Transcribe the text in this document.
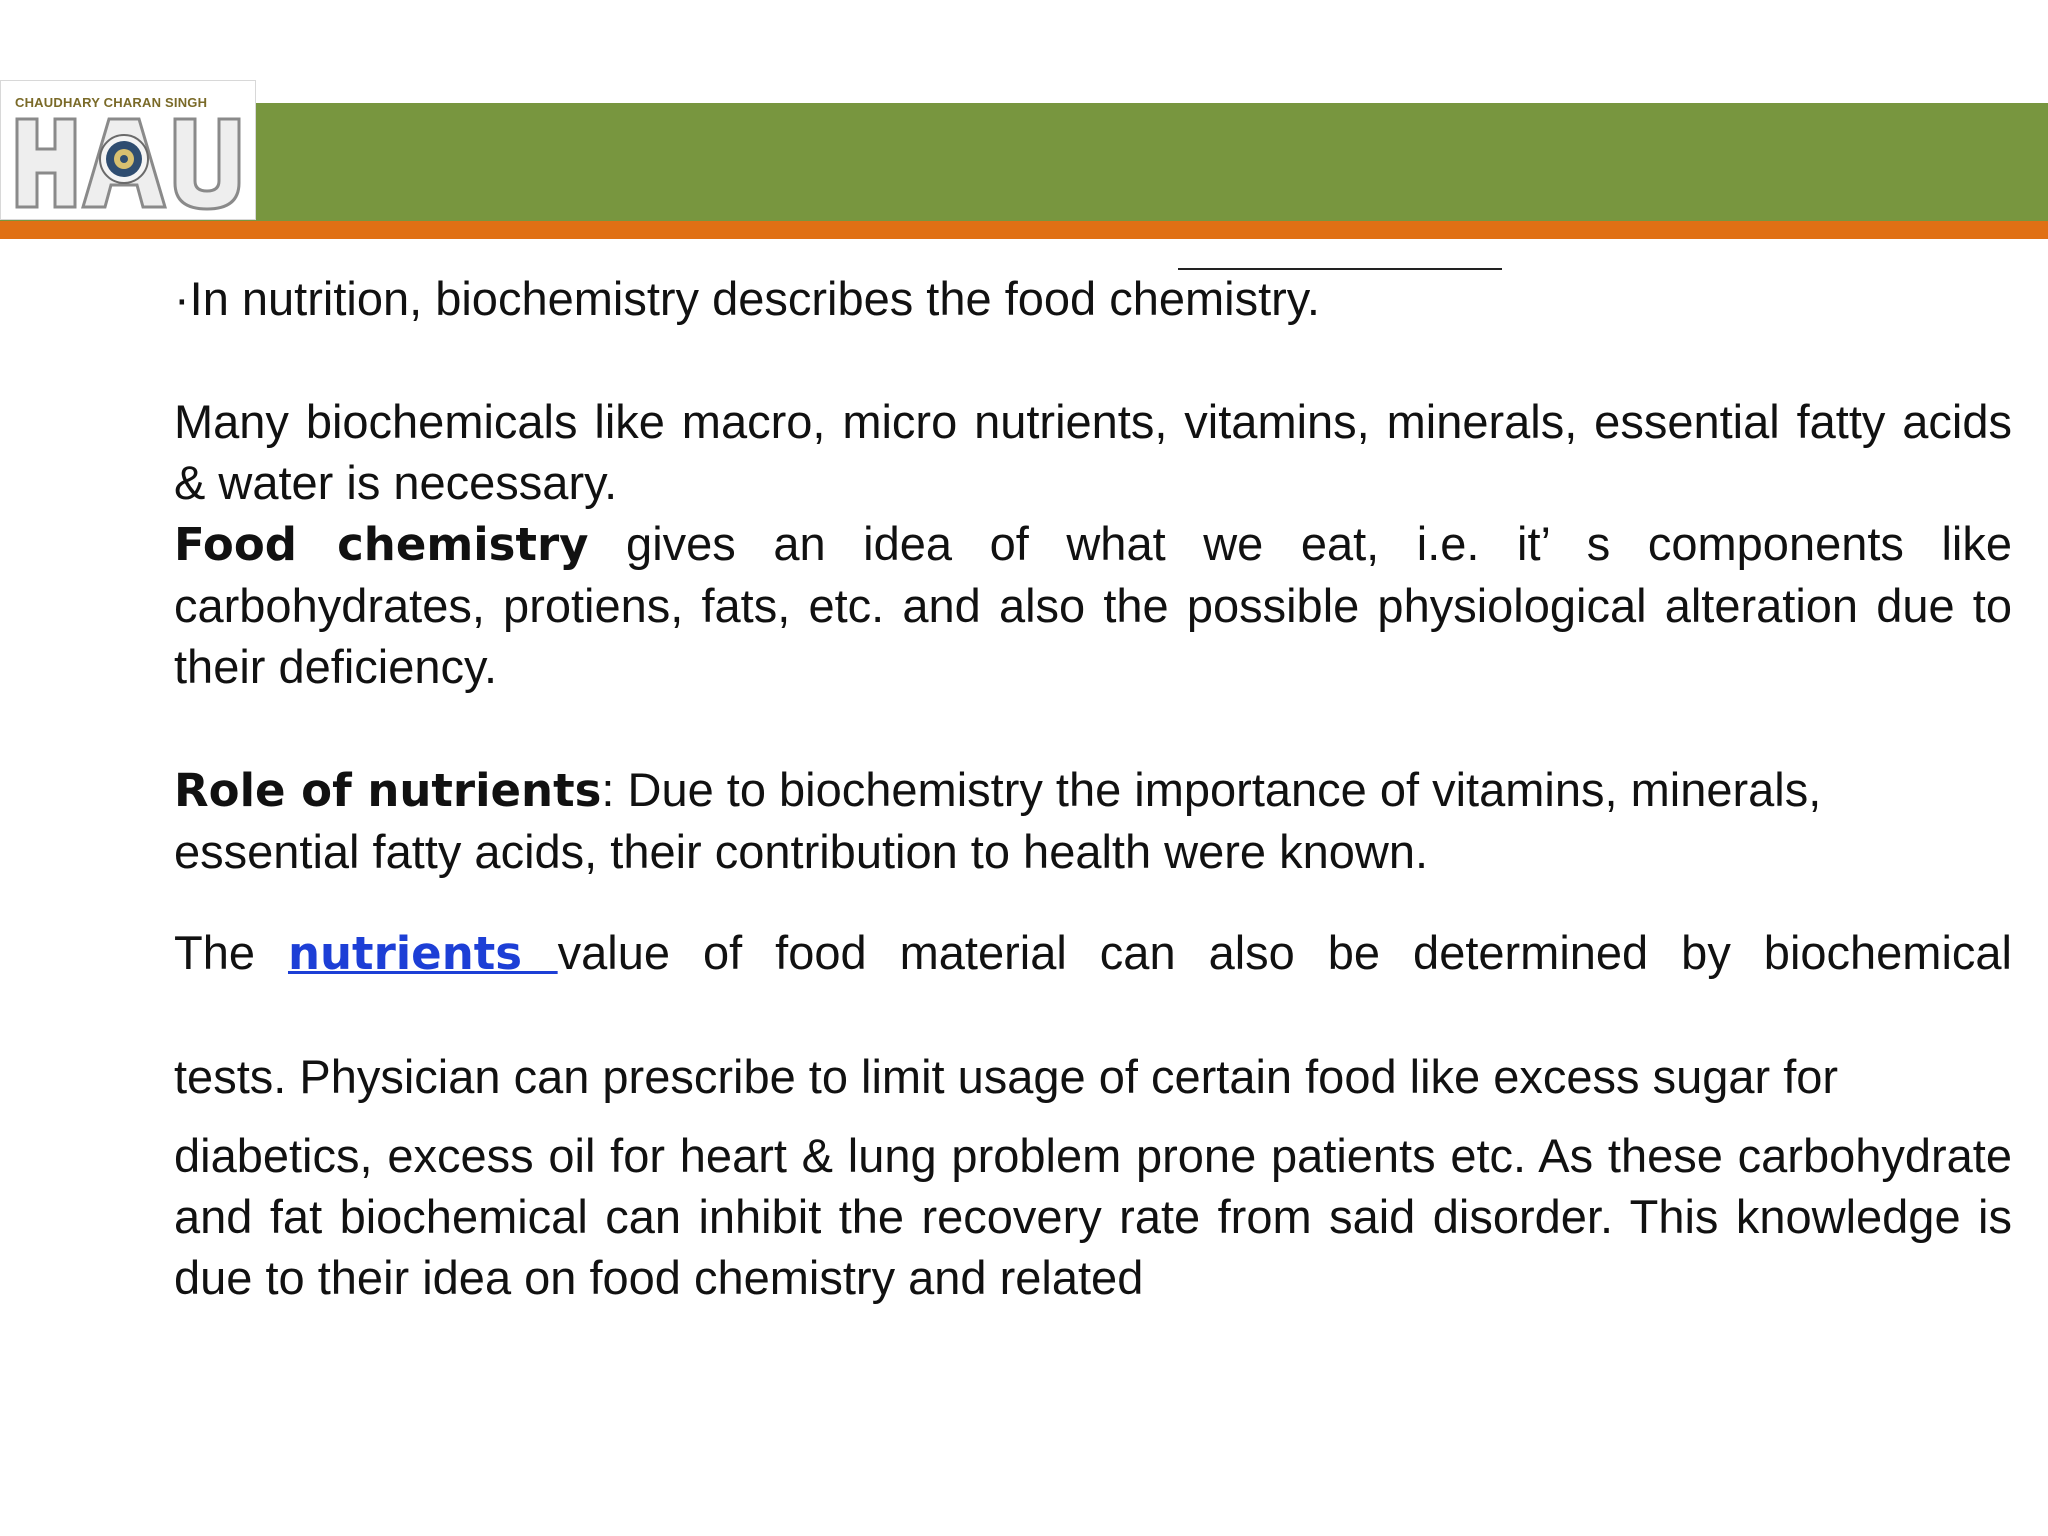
CHAUDHARY CHARAN SINGH

·In nutrition, biochemistry describes the food chemistry.

Many biochemicals like macro, micro nutrients, vitamins, minerals, essential fatty acids & water is necessary.

Food chemistry gives an idea of what we eat, i.e. it’ s components like carbohydrates, protiens, fats, etc. and also the possible physiological alteration due to their deficiency.

Role of nutrients: Due to biochemistry the importance of vitamins, minerals, essential fatty acids, their contribution to health were known.

The nutrients value of food material can also be determined by biochemical

tests. Physician can prescribe to limit usage of certain food like excess sugar for

diabetics, excess oil for heart & lung problem prone patients etc. As these carbohydrate and fat biochemical can inhibit the recovery rate from said disorder. This knowledge is due to their idea on food chemistry and related
